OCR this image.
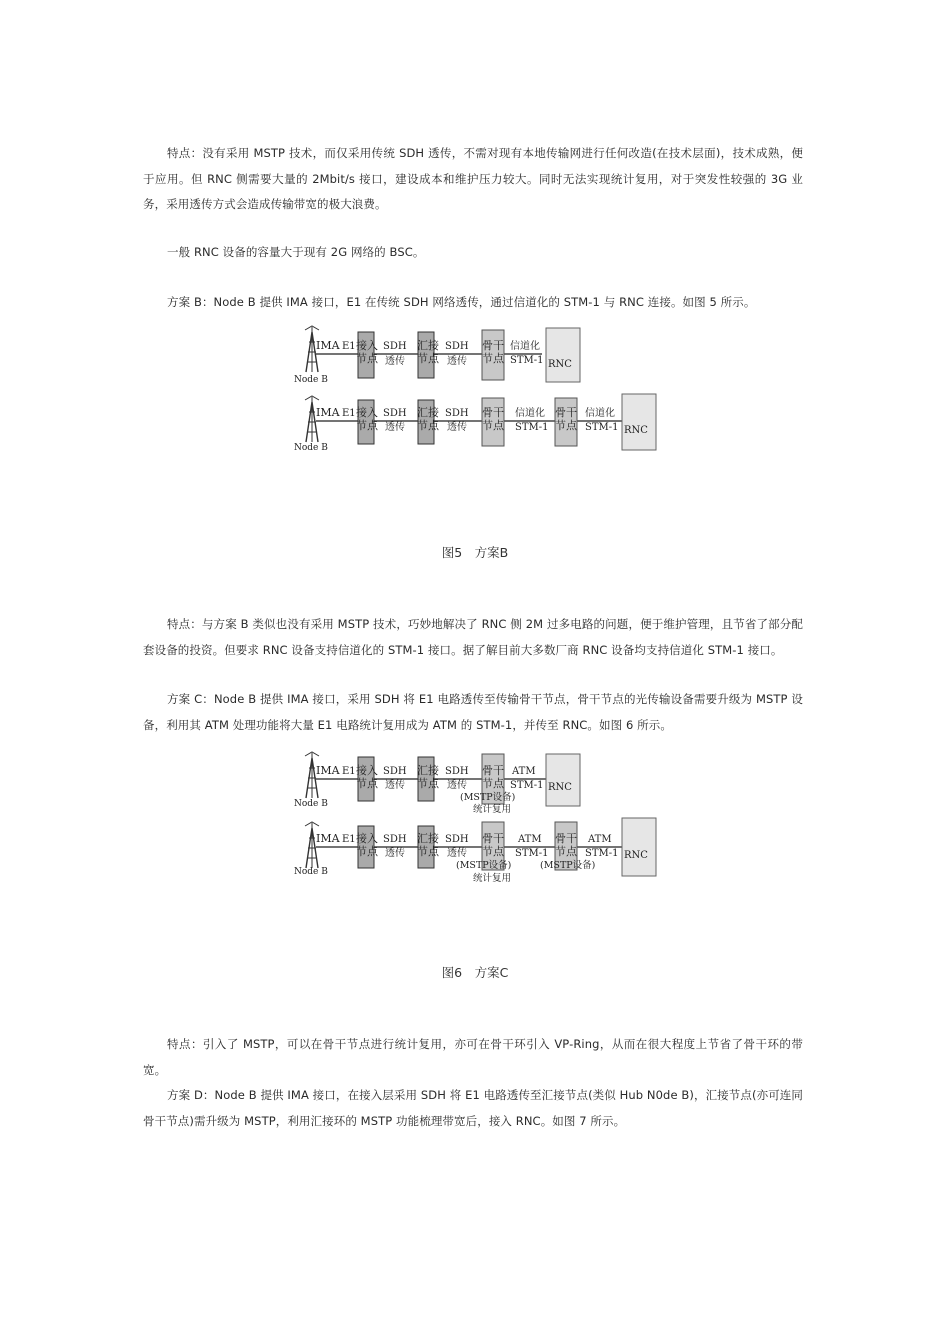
特点：没有采用 MSTP 技术，而仅采用传统 SDH 透传，不需对现有本地传输网进行任何改造(在技术层面)，技术成熟，便于应用。但 RNC 侧需要大量的 2Mbit/s 接口，建设成本和维护压力较大。同时无法实现统计复用，对于突发性较强的 3G 业务，采用透传方式会造成传输带宽的极大浪费。
一般 RNC 设备的容量大于现有 2G 网络的 BSC。
方案 B：Node B 提供 IMA 接口，E1 在传统 SDH 网络透传，通过信道化的 STM-1 与 RNC 连接。如图 5 所示。
Node B
IMA E1 接入
节点
SDH
透传
汇接
节点
SDH
透传
骨干
节点
信道化
STM-1 RNC
Node B
IMA E1 接入
节点
SDH
透传
汇接
节点
SDH
透传
骨干
节点
信道化
STM-1
骨干
节点
信道化
STM-1 RNC
图5　方案B
特点：与方案 B 类似也没有采用 MSTP 技术，巧妙地解决了 RNC 侧 2M 过多电路的问题，便于维护管理，且节省了部分配套设备的投资。但要求 RNC 设备支持信道化的 STM-1 接口。据了解目前大多数厂商 RNC 设备均支持信道化 STM-1 接口。
方案 C：Node B 提供 IMA 接口，采用 SDH 将 E1 电路透传至传输骨干节点，骨干节点的光传输设备需要升级为 MSTP 设备，利用其 ATM 处理功能将大量 E1 电路统计复用成为 ATM 的 STM-1，并传至 RNC。如图 6 所示。
Node B
IMA E1 接入
节点
SDH
透传
汇接
节点
SDH
透传
骨干
节点
(MSTP设备)
统计复用
ATM
STM-1 RNC
Node B
IMA E1 接入
节点
SDH
透传
汇接
节点
SDH
透传
骨干
节点
(MSTP设备)
统计复用
ATM
STM-1
骨干
节点
(MSTP设备)
ATM
STM-1 RNC
图6　方案C
特点：引入了 MSTP，可以在骨干节点进行统计复用，亦可在骨干环引入 VP-Ring，从而在很大程度上节省了骨干环的带宽。
方案 D：Node B 提供 IMA 接口，在接入层采用 SDH 将 E1 电路透传至汇接节点(类似 Hub N0de B)，汇接节点(亦可连同骨干节点)需升级为 MSTP，利用汇接环的 MSTP 功能梳理带宽后，接入 RNC。如图 7 所示。
